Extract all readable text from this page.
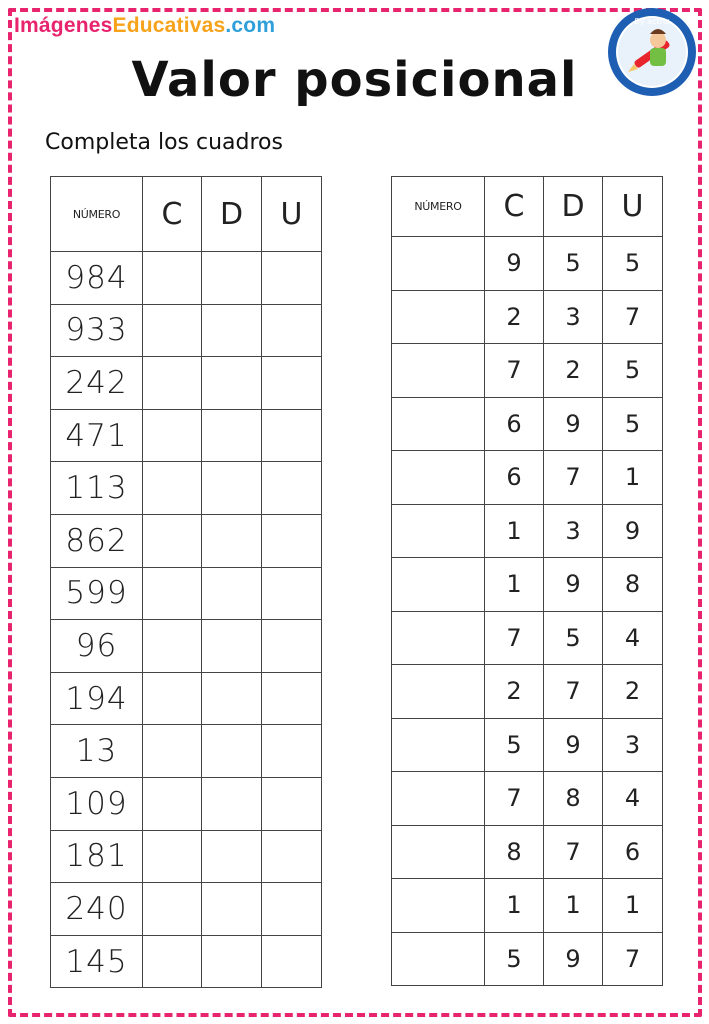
ImágenesEducativas.com	By actriz
Valor posicional
Completa los cuadros
NÚMERO	C	D	U
984			
933			
242			
471			
113			
862			
599			
96			
194			
13			
109			
181			
240			
145			
NÚMERO	C	D	U
	9	5	5
	2	3	7
	7	2	5
	6	9	5
	6	7	1
	1	3	9
	1	9	8
	7	5	4
	2	7	2
	5	9	3
	7	8	4
	8	7	6
	1	1	1
	5	9	7
